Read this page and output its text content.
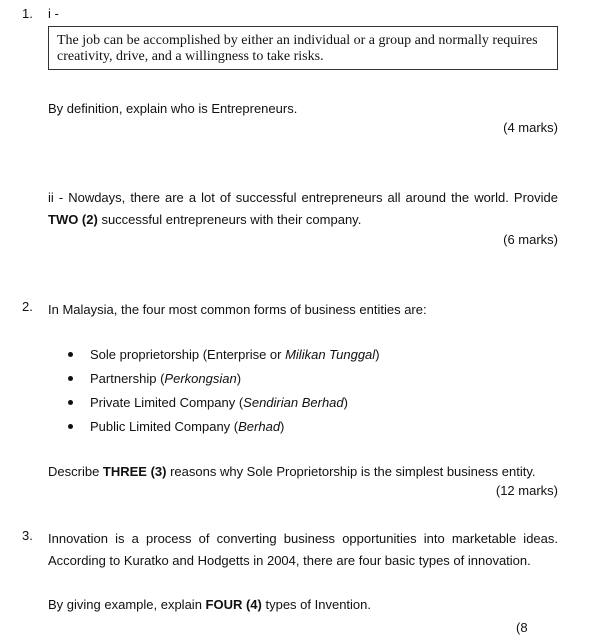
1. i -

The job can be accomplished by either an individual or a group and normally requires creativity, drive, and a willingness to take risks.

By definition, explain who is Entrepreneurs.

(4 marks)

ii - Nowdays, there are a lot of successful entrepreneurs all around the world. Provide TWO (2) successful entrepreneurs with their company.

(6 marks)

2. In Malaysia, the four most common forms of business entities are:

Sole proprietorship (Enterprise or Milikan Tunggal)
Partnership (Perkongsian)
Private Limited Company (Sendirian Berhad)
Public Limited Company (Berhad)

Describe THREE (3) reasons why Sole Proprietorship is the simplest business entity.

(12 marks)

3. Innovation is a process of converting business opportunities into marketable ideas. According to Kuratko and Hodgetts in 2004, there are four basic types of innovation.

By giving example, explain FOUR (4) types of Invention.

(8
